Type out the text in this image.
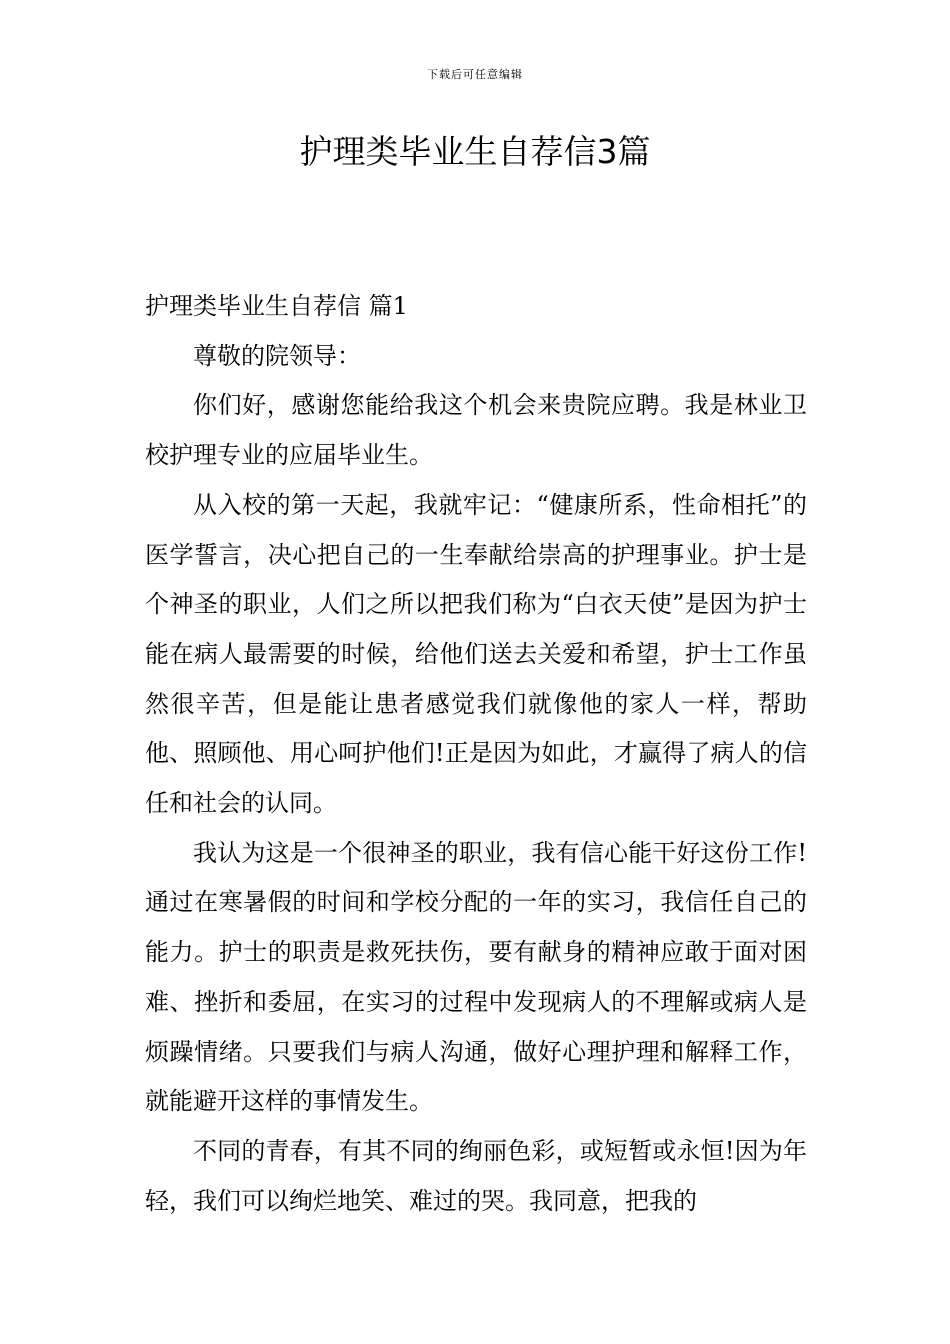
下载后可任意编辑
护理类毕业生自荐信3篇

护理类毕业生自荐信 篇1

尊敬的院领导：

你们好，感谢您能给我这个机会来贵院应聘。我是林业卫校护理专业的应届毕业生。

从入校的第一天起，我就牢记：“健康所系，性命相托”的医学誓言，决心把自己的一生奉献给崇高的护理事业。护士是个神圣的职业，人们之所以把我们称为“白衣天使”是因为护士能在病人最需要的时候，给他们送去关爱和希望，护士工作虽然很辛苦，但是能让患者感觉我们就像他的家人一样，帮助他、照顾他、用心呵护他们!正是因为如此，才赢得了病人的信任和社会的认同。

我认为这是一个很神圣的职业，我有信心能干好这份工作!通过在寒暑假的时间和学校分配的一年的实习，我信任自己的能力。护士的职责是救死扶伤，要有献身的精神应敢于面对困难、挫折和委屈，在实习的过程中发现病人的不理解或病人是烦躁情绪。只要我们与病人沟通，做好心理护理和解释工作，就能避开这样的事情发生。

不同的青春，有其不同的绚丽色彩，或短暂或永恒!因为年轻，我们可以绚烂地笑、难过的哭。我同意，把我的
